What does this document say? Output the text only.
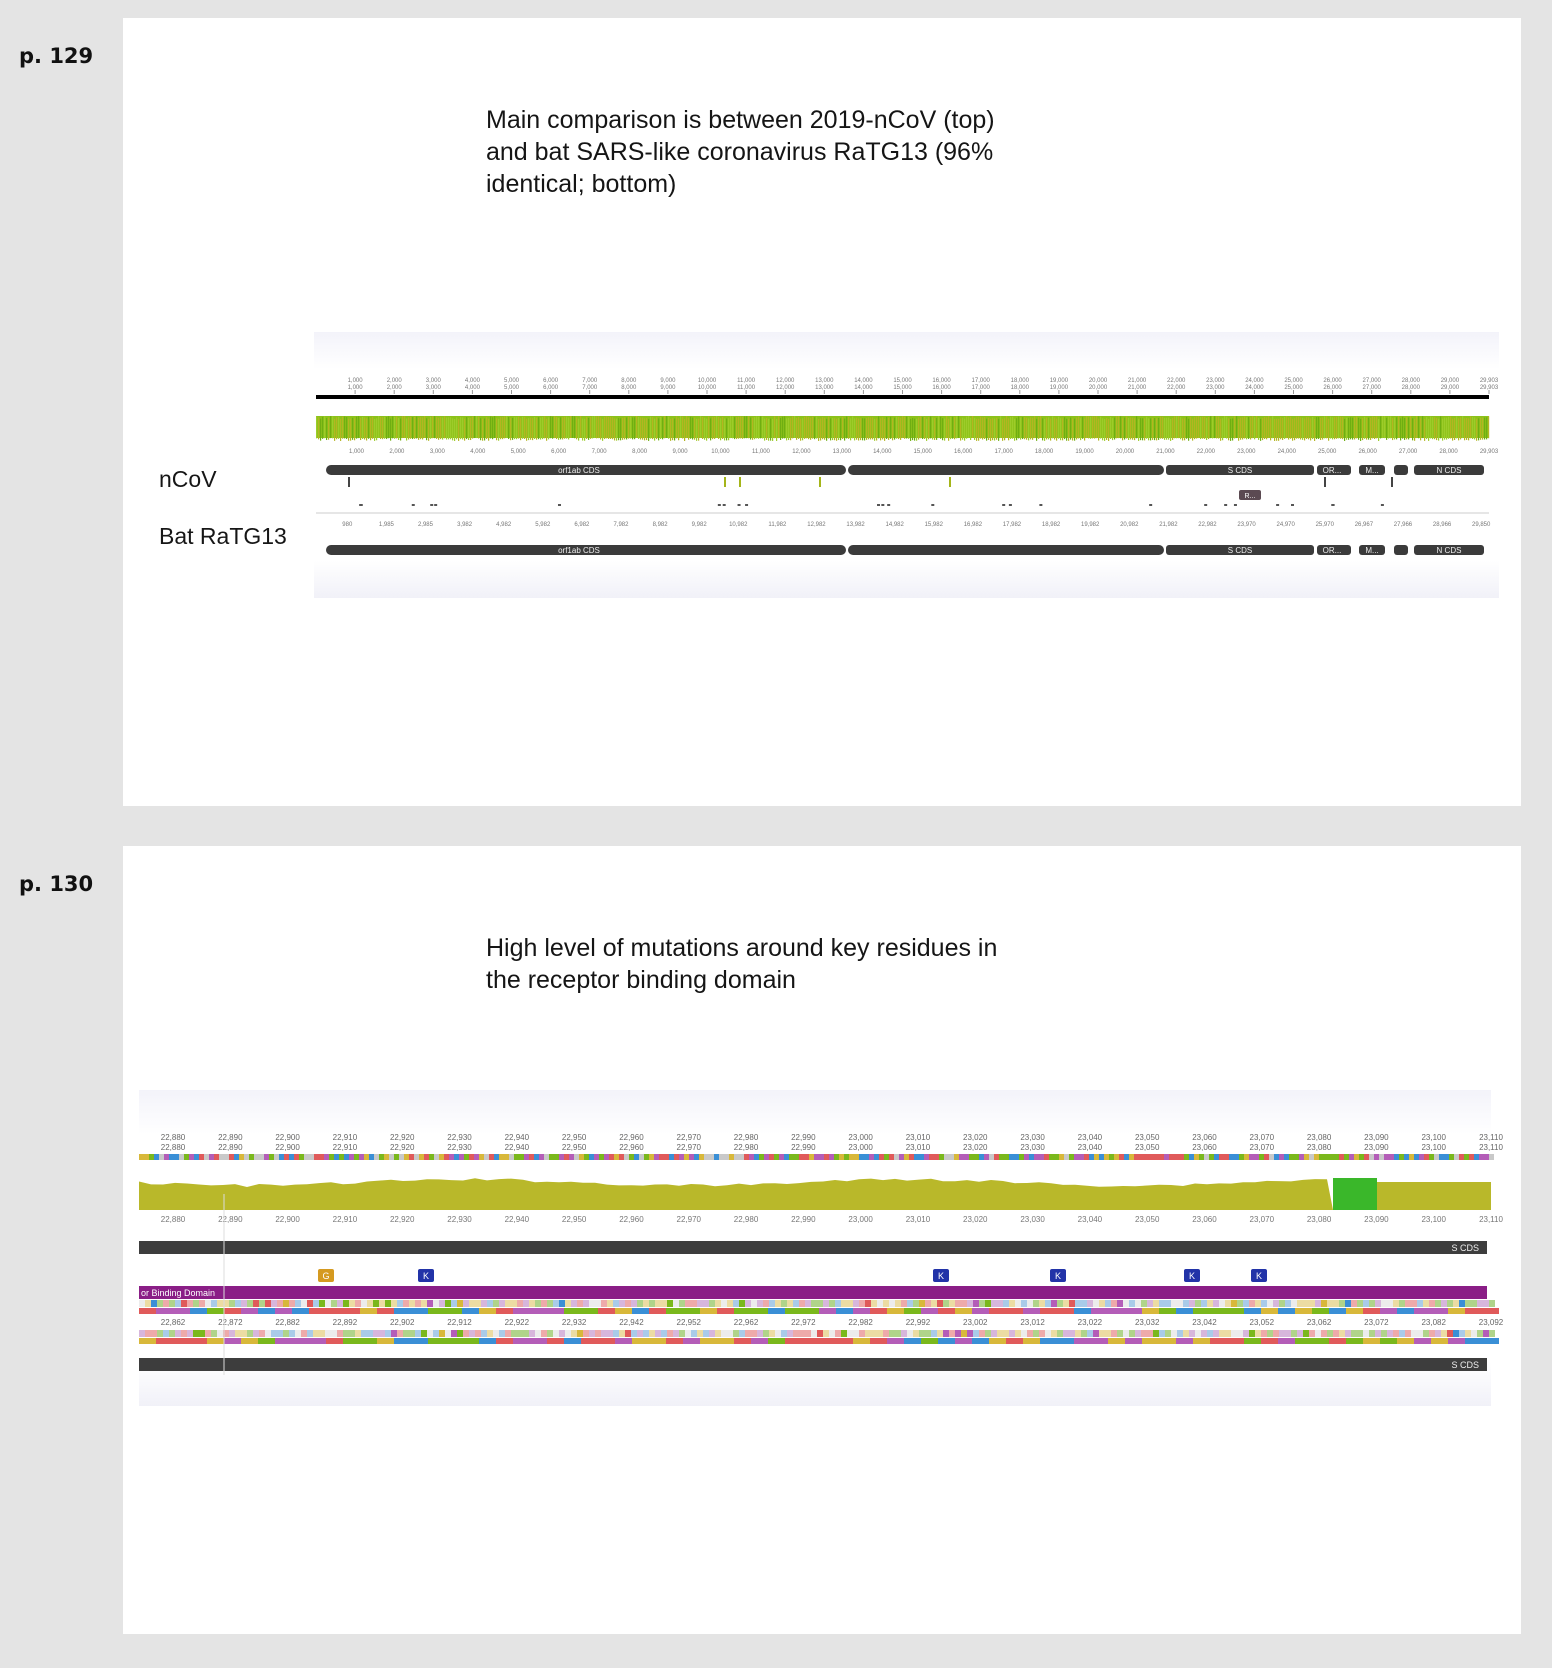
p. 129
Main comparison is between 2019-nCoV (top)
and bat SARS-like coronavirus RaTG13 (96%
identical; bottom)
nCoV
Bat RaTG13
1,000
1,000
2,000
2,000
3,000
3,000
4,000
4,000
5,000
5,000
6,000
6,000
7,000
7,000
8,000
8,000
9,000
9,000
10,000
10,000
11,000
11,000
12,000
12,000
13,000
13,000
14,000
14,000
15,000
15,000
16,000
16,000
17,000
17,000
18,000
18,000
19,000
19,000
20,000
20,000
21,000
21,000
22,000
22,000
23,000
23,000
24,000
24,000
25,000
25,000
26,000
26,000
27,000
27,000
28,000
28,000
29,000
29,000
29,903
29,903
1,000	2,000	3,000	4,000	5,000	6,000	7,000	8,000	9,000	10,000	11,000	12,000	13,000	14,000	15,000	16,000	17,000	18,000	19,000	20,000	21,000	22,000	23,000	24,000	25,000	26,000	27,000	28,000	29,903
orf1ab CDS	S CDS	OR...	M...	N CDS
R...
980	1,985	2,985	3,982	4,982	5,982	6,982	7,982	8,982	9,982	10,982	11,982	12,982	13,982	14,982	15,982	16,982	17,982	18,982	19,982	20,982	21,982	22,982	23,970	24,970	25,970	26,967	27,966	28,966	29,850
orf1ab CDS	S CDS	OR...	M...	N CDS
p. 130
High level of mutations around key residues in
the receptor binding domain
22,880
22,880
22,890
22,890
22,900
22,900
22,910
22,910
22,920
22,920
22,930
22,930
22,940
22,940
22,950
22,950
22,960
22,960
22,970
22,970
22,980
22,980
22,990
22,990
23,000
23,000
23,010
23,010
23,020
23,020
23,030
23,030
23,040
23,040
23,050
23,050
23,060
23,060
23,070
23,070
23,080
23,080
23,090
23,090
23,100
23,100
23,110
23,110
22,880	22,890	22,900	22,910	22,920	22,930	22,940	22,950	22,960	22,970	22,980	22,990	23,000	23,010	23,020	23,030	23,040	23,050	23,060	23,070	23,080	23,090	23,100	23,110
S CDS
G	K	K	K	K	K
or Binding Domain
22,862	22,872	22,882	22,892	22,902	22,912	22,922	22,932	22,942	22,952	22,962	22,972	22,982	22,992	23,002	23,012	23,022	23,032	23,042	23,052	23,062	23,072	23,082	23,092
S CDS
